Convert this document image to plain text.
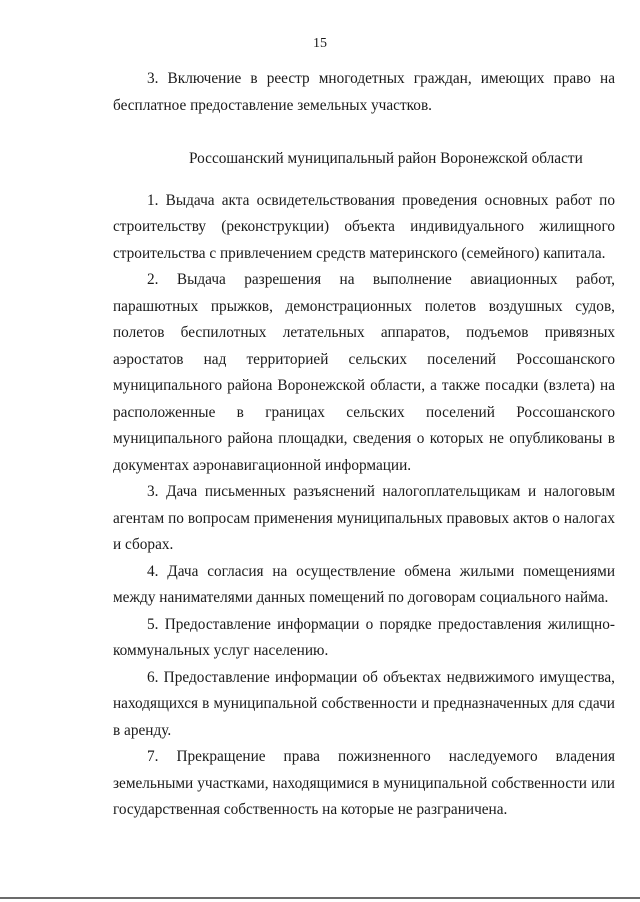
15

3. Включение в реестр многодетных граждан, имеющих право на бесплатное предоставление земельных участков.

Россошанский муниципальный район Воронежской области

1. Выдача акта освидетельствования проведения основных работ по строительству (реконструкции) объекта индивидуального жилищного строительства с привлечением средств материнского (семейного) капитала.

2. Выдача разрешения на выполнение авиационных работ, парашютных прыжков, демонстрационных полетов воздушных судов, полетов беспилотных летательных аппаратов, подъемов привязных аэростатов над территорией сельских поселений Россошанского муниципального района Воронежской области, а также посадки (взлета) на расположенные в границах сельских поселений Россошанского муниципального района площадки, сведения о которых не опубликованы в документах аэронавигационной информации.

3. Дача письменных разъяснений налогоплательщикам и налоговым агентам по вопросам применения муниципальных правовых актов о налогах и сборах.

4. Дача согласия на осуществление обмена жилыми помещениями между нанимателями данных помещений по договорам социального найма.

5. Предоставление информации о порядке предоставления жилищно-коммунальных услуг населению.

6. Предоставление информации об объектах недвижимого имущества, находящихся в муниципальной собственности и предназначенных для сдачи в аренду.

7. Прекращение права пожизненного наследуемого владения земельными участками, находящимися в муниципальной собственности или государственная собственность на которые не разграничена.
